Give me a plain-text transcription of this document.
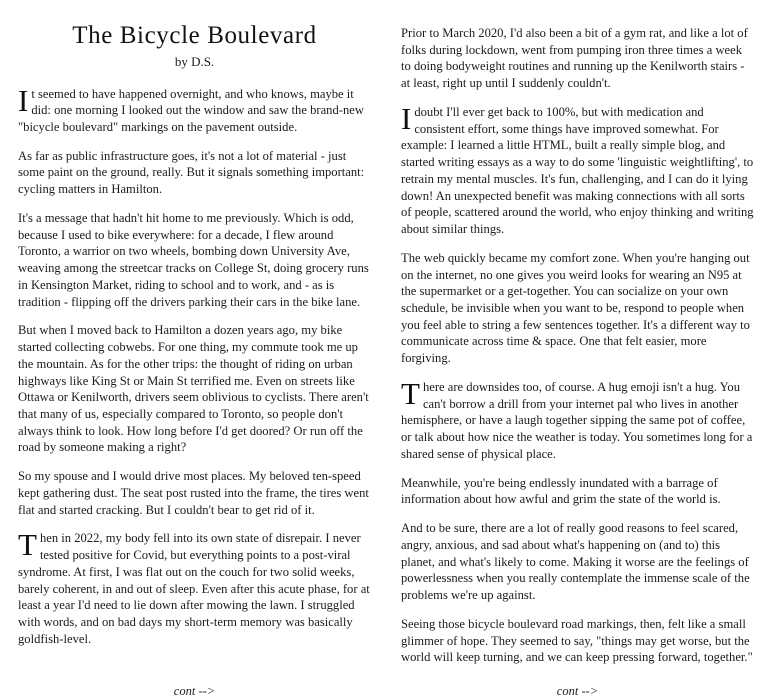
The Bicycle Boulevard

by D.S.

It seemed to have happened overnight, and who knows, maybe it did: one morning I looked out the window and saw the brand-new "bicycle boulevard" markings on the pavement outside.

As far as public infrastructure goes, it's not a lot of material - just some paint on the ground, really. But it signals something important: cycling matters in Hamilton.

It's a message that hadn't hit home to me previously. Which is odd, because I used to bike everywhere: for a decade, I flew around Toronto, a warrior on two wheels, bombing down University Ave, weaving among the streetcar tracks on College St, doing grocery runs in Kensington Market, riding to school and to work, and - as is tradition - flipping off the drivers parking their cars in the bike lane.

But when I moved back to Hamilton a dozen years ago, my bike started collecting cobwebs. For one thing, my commute took me up the mountain. As for the other trips: the thought of riding on urban highways like King St or Main St terrified me. Even on streets like Ottawa or Kenilworth, drivers seem oblivious to cyclists. There aren't that many of us, especially compared to Toronto, so people don't always think to look. How long before I'd get doored? Or run off the road by someone making a right?

So my spouse and I would drive most places. My beloved ten-speed kept gathering dust. The seat post rusted into the frame, the tires went flat and started cracking. But I couldn't bear to get rid of it.

Then in 2022, my body fell into its own state of disrepair. I never tested positive for Covid, but everything points to a post-viral syndrome. At first, I was flat out on the couch for two solid weeks, barely coherent, in and out of sleep. Even after this acute phase, for at least a year I'd need to lie down after mowing the lawn. I struggled with words, and on bad days my short-term memory was basically goldfish-level.

cont -->

Prior to March 2020, I'd also been a bit of a gym rat, and like a lot of folks during lockdown, went from pumping iron three times a week to doing bodyweight routines and running up the Kenilworth stairs - at least, right up until I suddenly couldn't.

Idoubt I'll ever get back to 100%, but with medication and consistent effort, some things have improved somewhat. For example: I learned a little HTML, built a really simple blog, and started writing essays as a way to do some 'linguistic weightlifting', to retrain my mental muscles. It's fun, challenging, and I can do it lying down! An unexpected benefit was making connections with all sorts of people, scattered around the world, who enjoy thinking and writing about similar things.

The web quickly became my comfort zone. When you're hanging out on the internet, no one gives you weird looks for wearing an N95 at the supermarket or a get-together. You can socialize on your own schedule, be invisible when you want to be, respond to people when you feel able to string a few sentences together. It's a different way to communicate across time & space. One that felt easier, more forgiving.

There are downsides too, of course. A hug emoji isn't a hug. You can't borrow a drill from your internet pal who lives in another hemisphere, or have a laugh together sipping the same pot of coffee, or talk about how nice the weather is today. You sometimes long for a shared sense of physical place.

Meanwhile, you're being endlessly inundated with a barrage of information about how awful and grim the state of the world is.

And to be sure, there are a lot of really good reasons to feel scared, angry, anxious, and sad about what's happening on (and to) this planet, and what's likely to come. Making it worse are the feelings of powerlessness when you really contemplate the immense scale of the problems we're up against.

Seeing those bicycle boulevard road markings, then, felt like a small glimmer of hope. They seemed to say, "things may get worse, but the world will keep turning, and we can keep pressing forward, together."

cont -->
